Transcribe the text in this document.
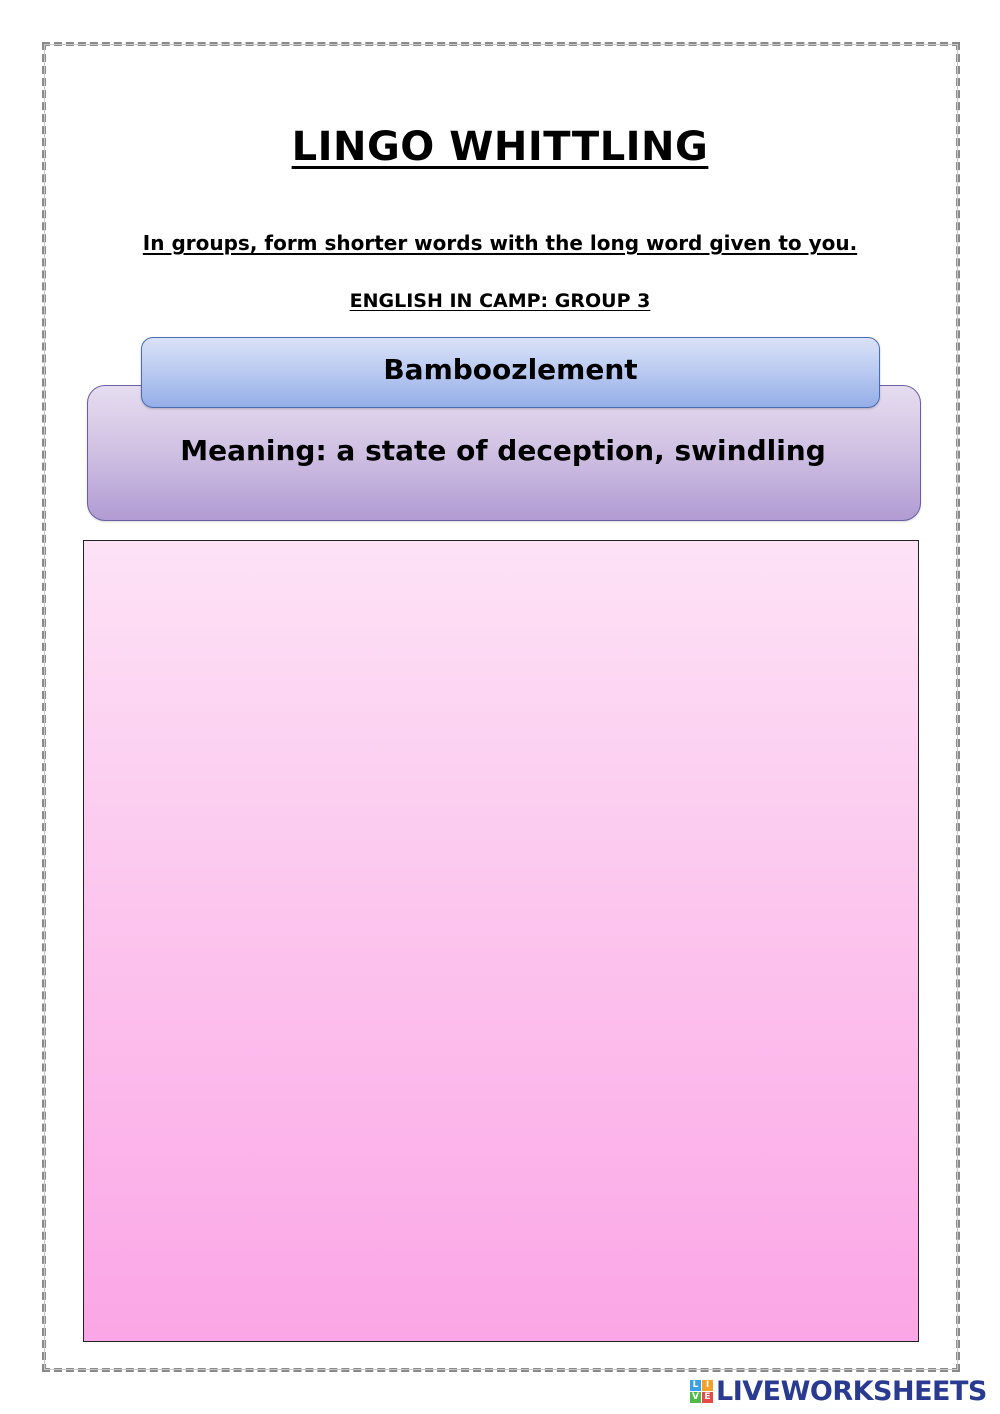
LINGO WHITTLING
In groups, form shorter words with the long word given to you.
ENGLISH IN CAMP: GROUP 3
Meaning: a state of deception, swindling
Bamboozlement
L I
V E LIVEWORKSHEETS
